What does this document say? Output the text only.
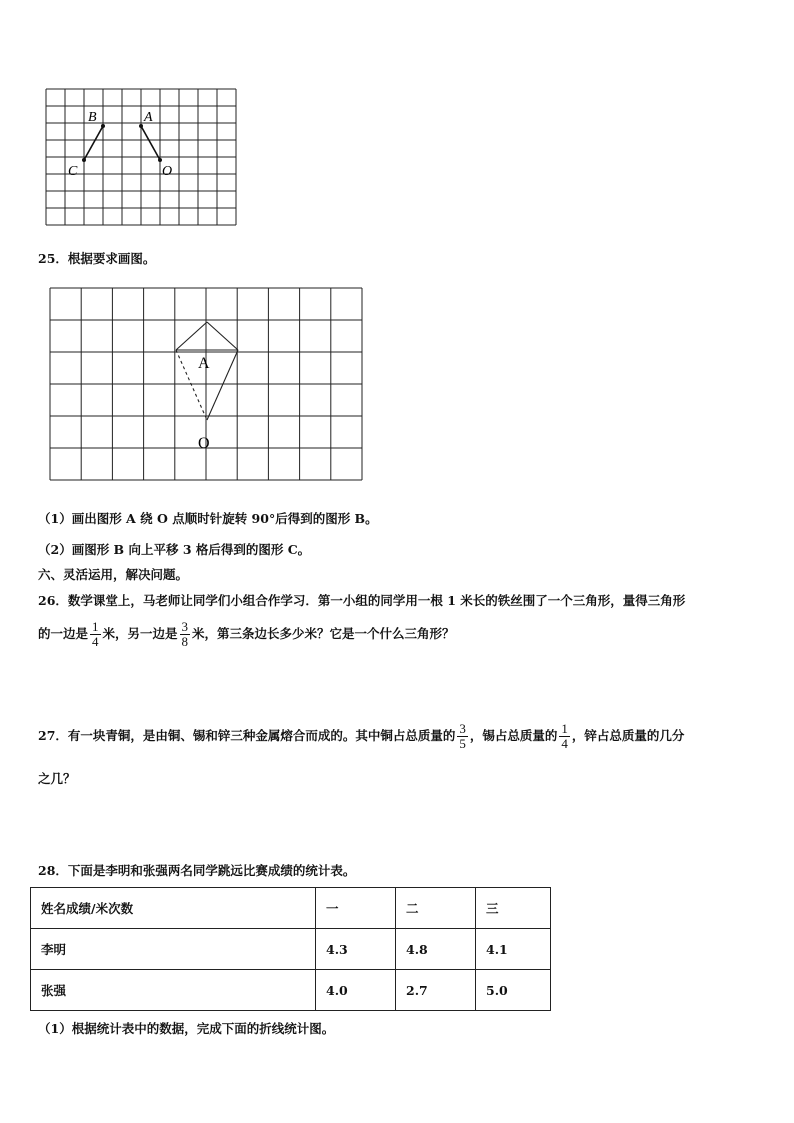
B	A
C	O
25．根据要求画图。
A
O
（1）画出图形 A 绕 O 点顺时针旋转 90°后得到的图形 B。
（2）画图形 B 向上平移 3 格后得到的图形 C。
六、灵活运用，解决问题。
26．数学课堂上，马老师让同学们小组合作学习．第一小组的同学用一根 1 米长的铁丝围了一个三角形，量得三角形
的一边是 $\frac{1}{4}$ 米，另一边是 $\frac{3}{8}$ 米，第三条边长多少米？它是一个什么三角形？
27．有一块青铜，是由铜、锡和锌三种金属熔合而成的。其中铜占总质量的 $\frac{3}{5}$ ，锡占总质量的 $\frac{1}{4}$ ，锌占总质量的几分
之几？
28．下面是李明和张强两名同学跳远比赛成绩的统计表。
姓名成绩/米次数	一	二	三
李明	4.3	4.8	4.1
张强	4.0	2.7	5.0
（1）根据统计表中的数据，完成下面的折线统计图。
